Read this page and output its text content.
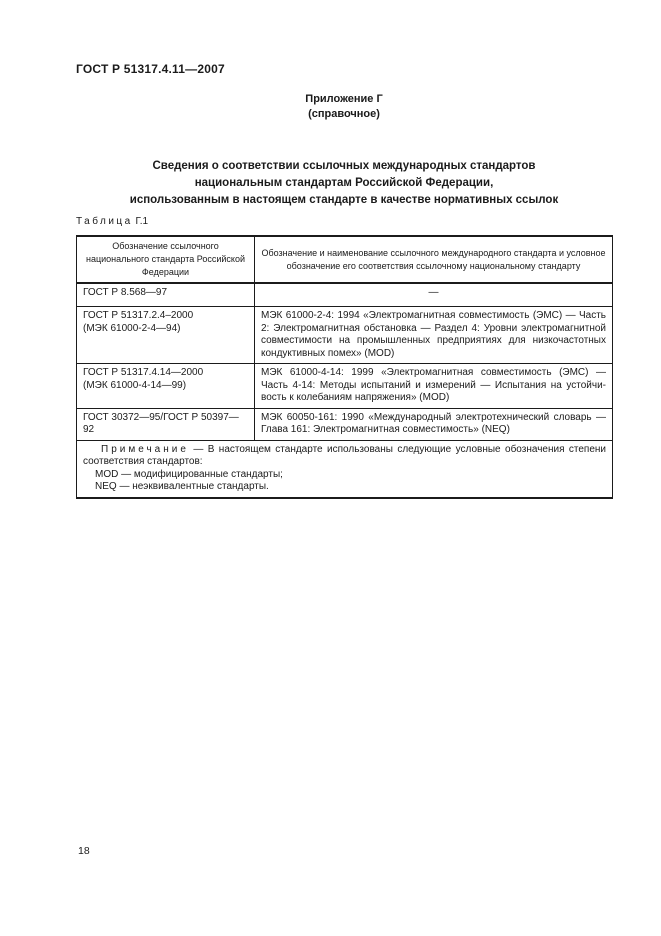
ГОСТ Р 51317.4.11—2007
Приложение Г
(справочное)
Сведения о соответствии ссылочных международных стандартов
национальным стандартам Российской Федерации,
использованным в настоящем стандарте в качестве нормативных ссылок
Таблица Г.1
Обозначение ссылочного национального стандарта Российской Федерации	Обозначение и наименование ссылочного международного стандарта и условное обозначение его соответствия ссылочному национальному стандарту

ГОСТ Р 8.568—97	—

ГОСТ Р 51317.2.4–2000
(МЭК 61000-2-4—94)	МЭК 61000-2-4: 1994 «Электромагнитная совместимость (ЭМС) — Часть 2: Электромагнитная обстановка — Раздел 4: Уровни электромагнитной совместимости на промышленных предприятиях для низкочастотных кондуктивных помех» (MOD)

ГОСТ Р 51317.4.14—2000
(МЭК 61000-4-14—99)	МЭК 61000-4-14: 1999 «Электромагнитная совместимость (ЭМС) — Часть 4-14: Методы испытаний и измерений — Испытания на устойчивость к колебаниям напряжения» (MOD)

ГОСТ 30372—95/ГОСТ Р 50397—92	МЭК 60050-161: 1990 «Международный электротехнический словарь — Глава 161: Электромагнитная совместимость» (NEQ)

Примечание — В настоящем стандарте использованы следующие условные обозначения степени соответствия стандартов:
MOD — модифицированные стандарты;
NEQ — неэквивалентные стандарты.	
18
